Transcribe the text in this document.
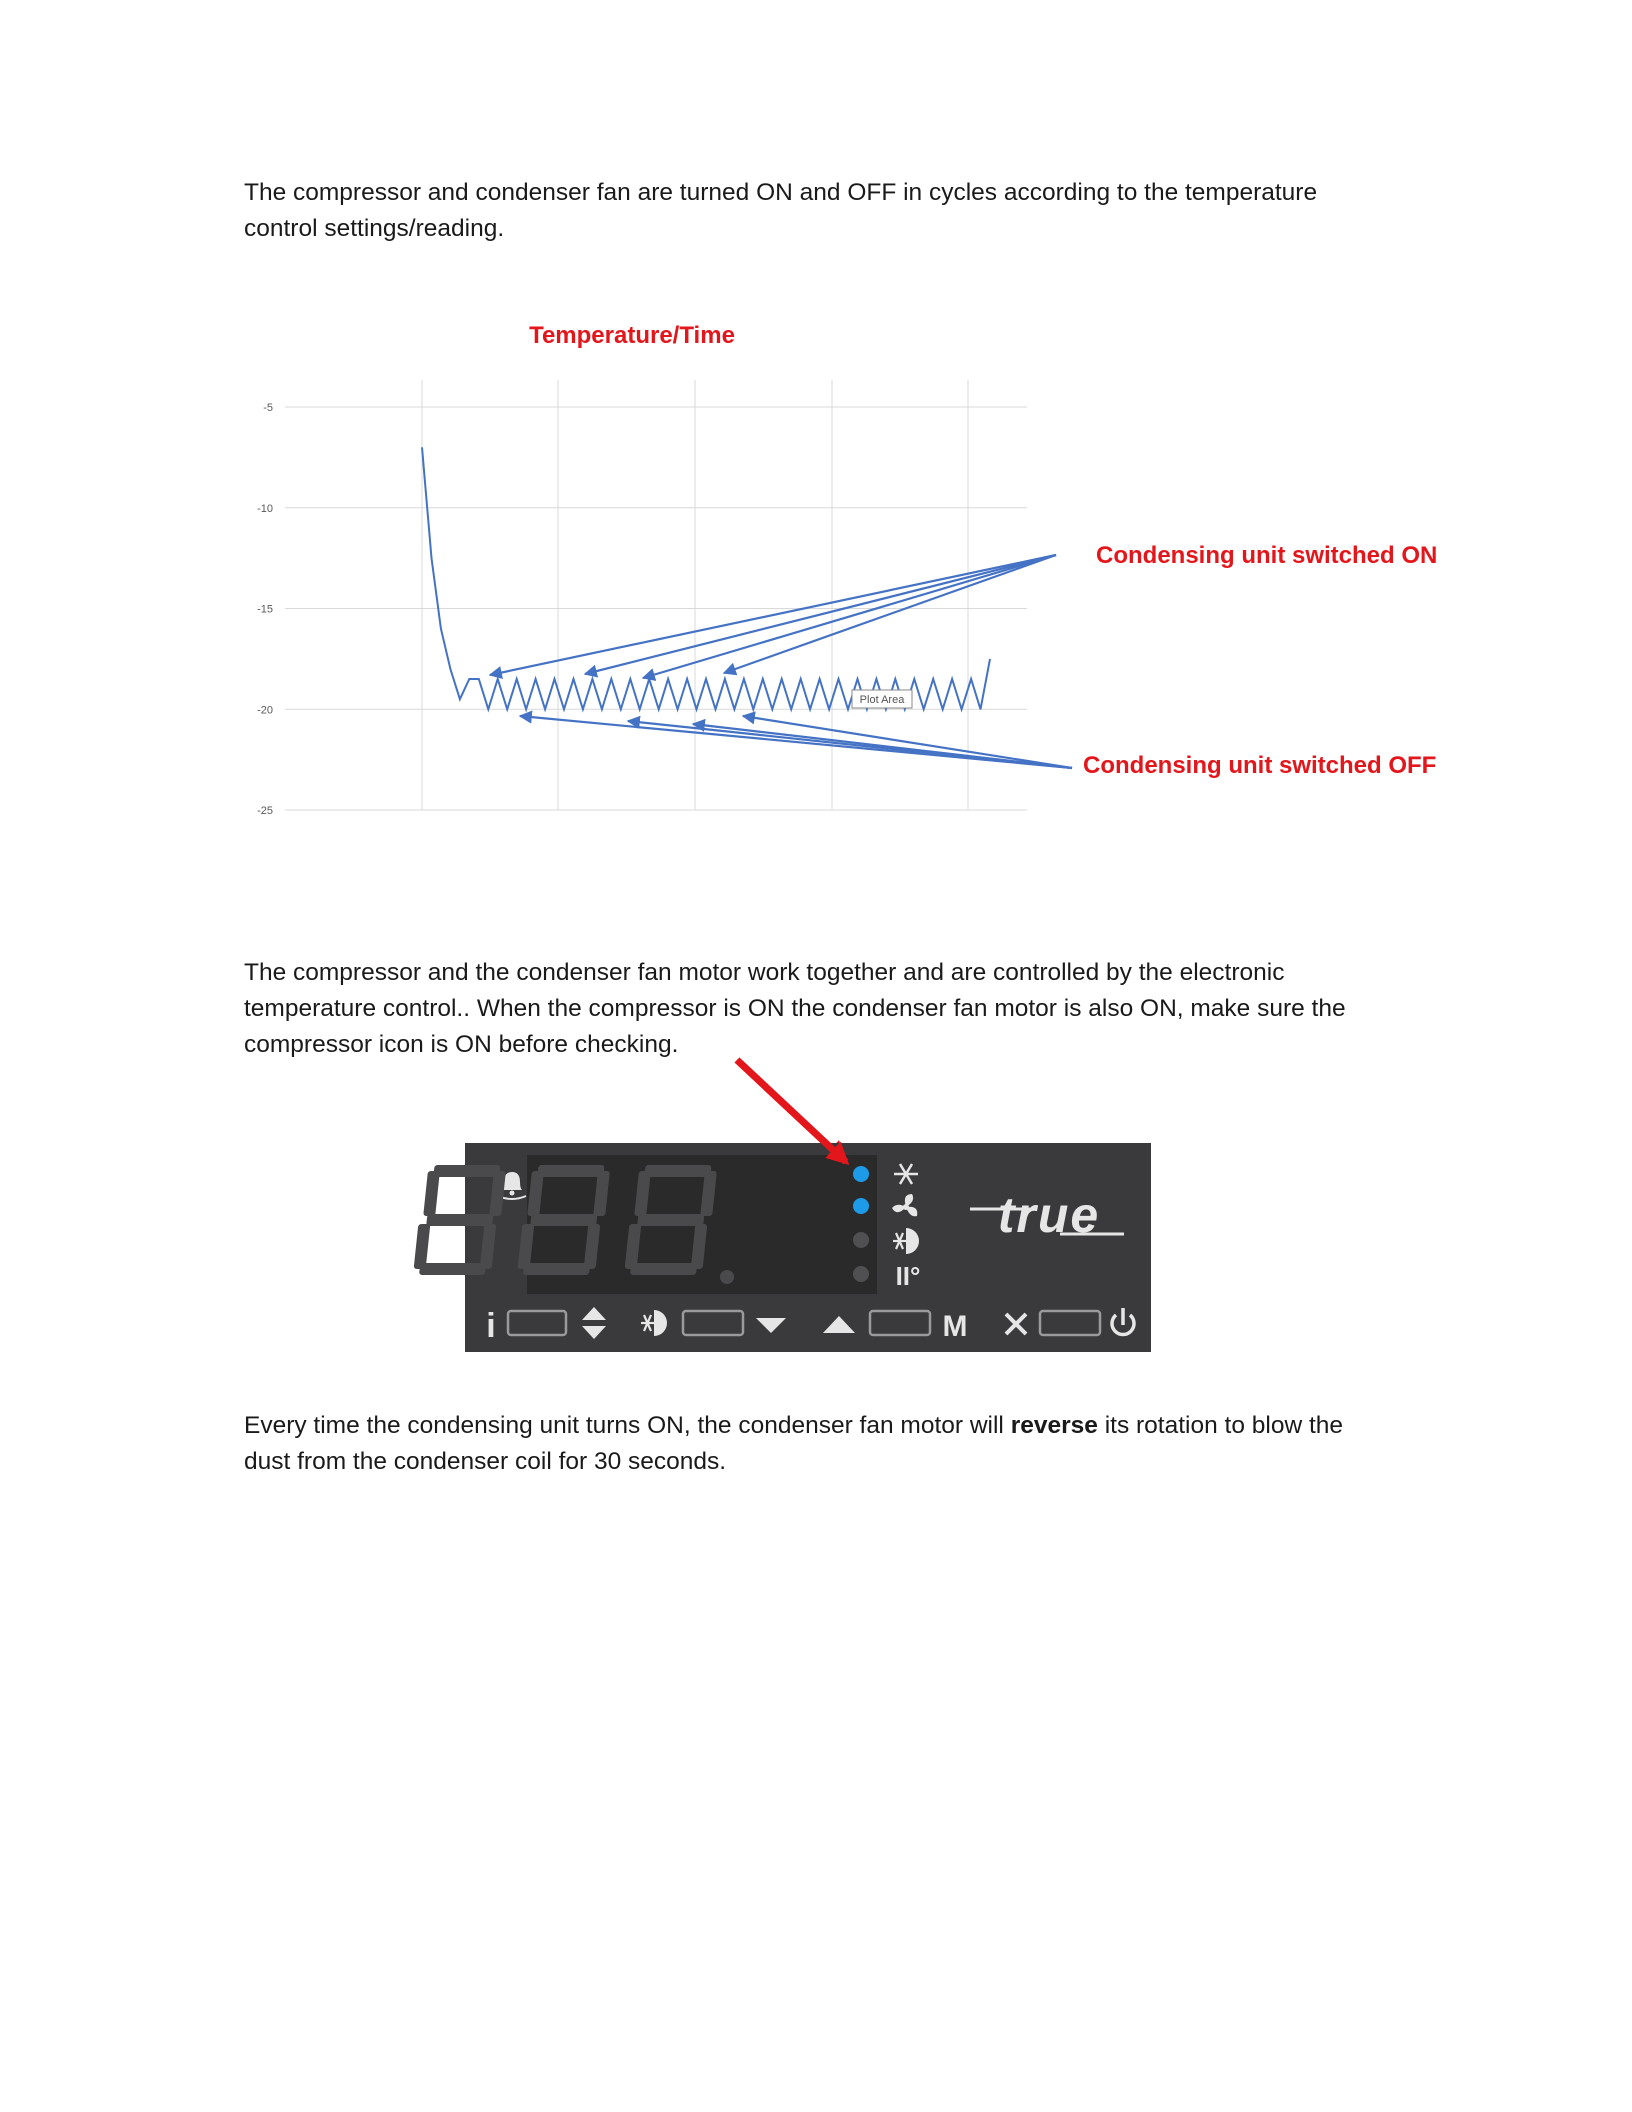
The compressor and condenser fan are turned ON and OFF in cycles according to the temperature control settings/reading.

The compressor and the condenser fan motor work together and are controlled by the electronic temperature control.. When the compressor is ON the condenser fan motor is also ON, make sure the compressor icon is ON before checking.

Every time the condensing unit turns ON, the condenser fan motor will reverse its rotation to blow the dust from the condenser coil for 30 seconds.

Temperature/Time
-5
-10
-15
-20
-25
Plot Area
Condensing unit switched ON
Condensing unit switched OFF
88.8	II°
true
i	M
